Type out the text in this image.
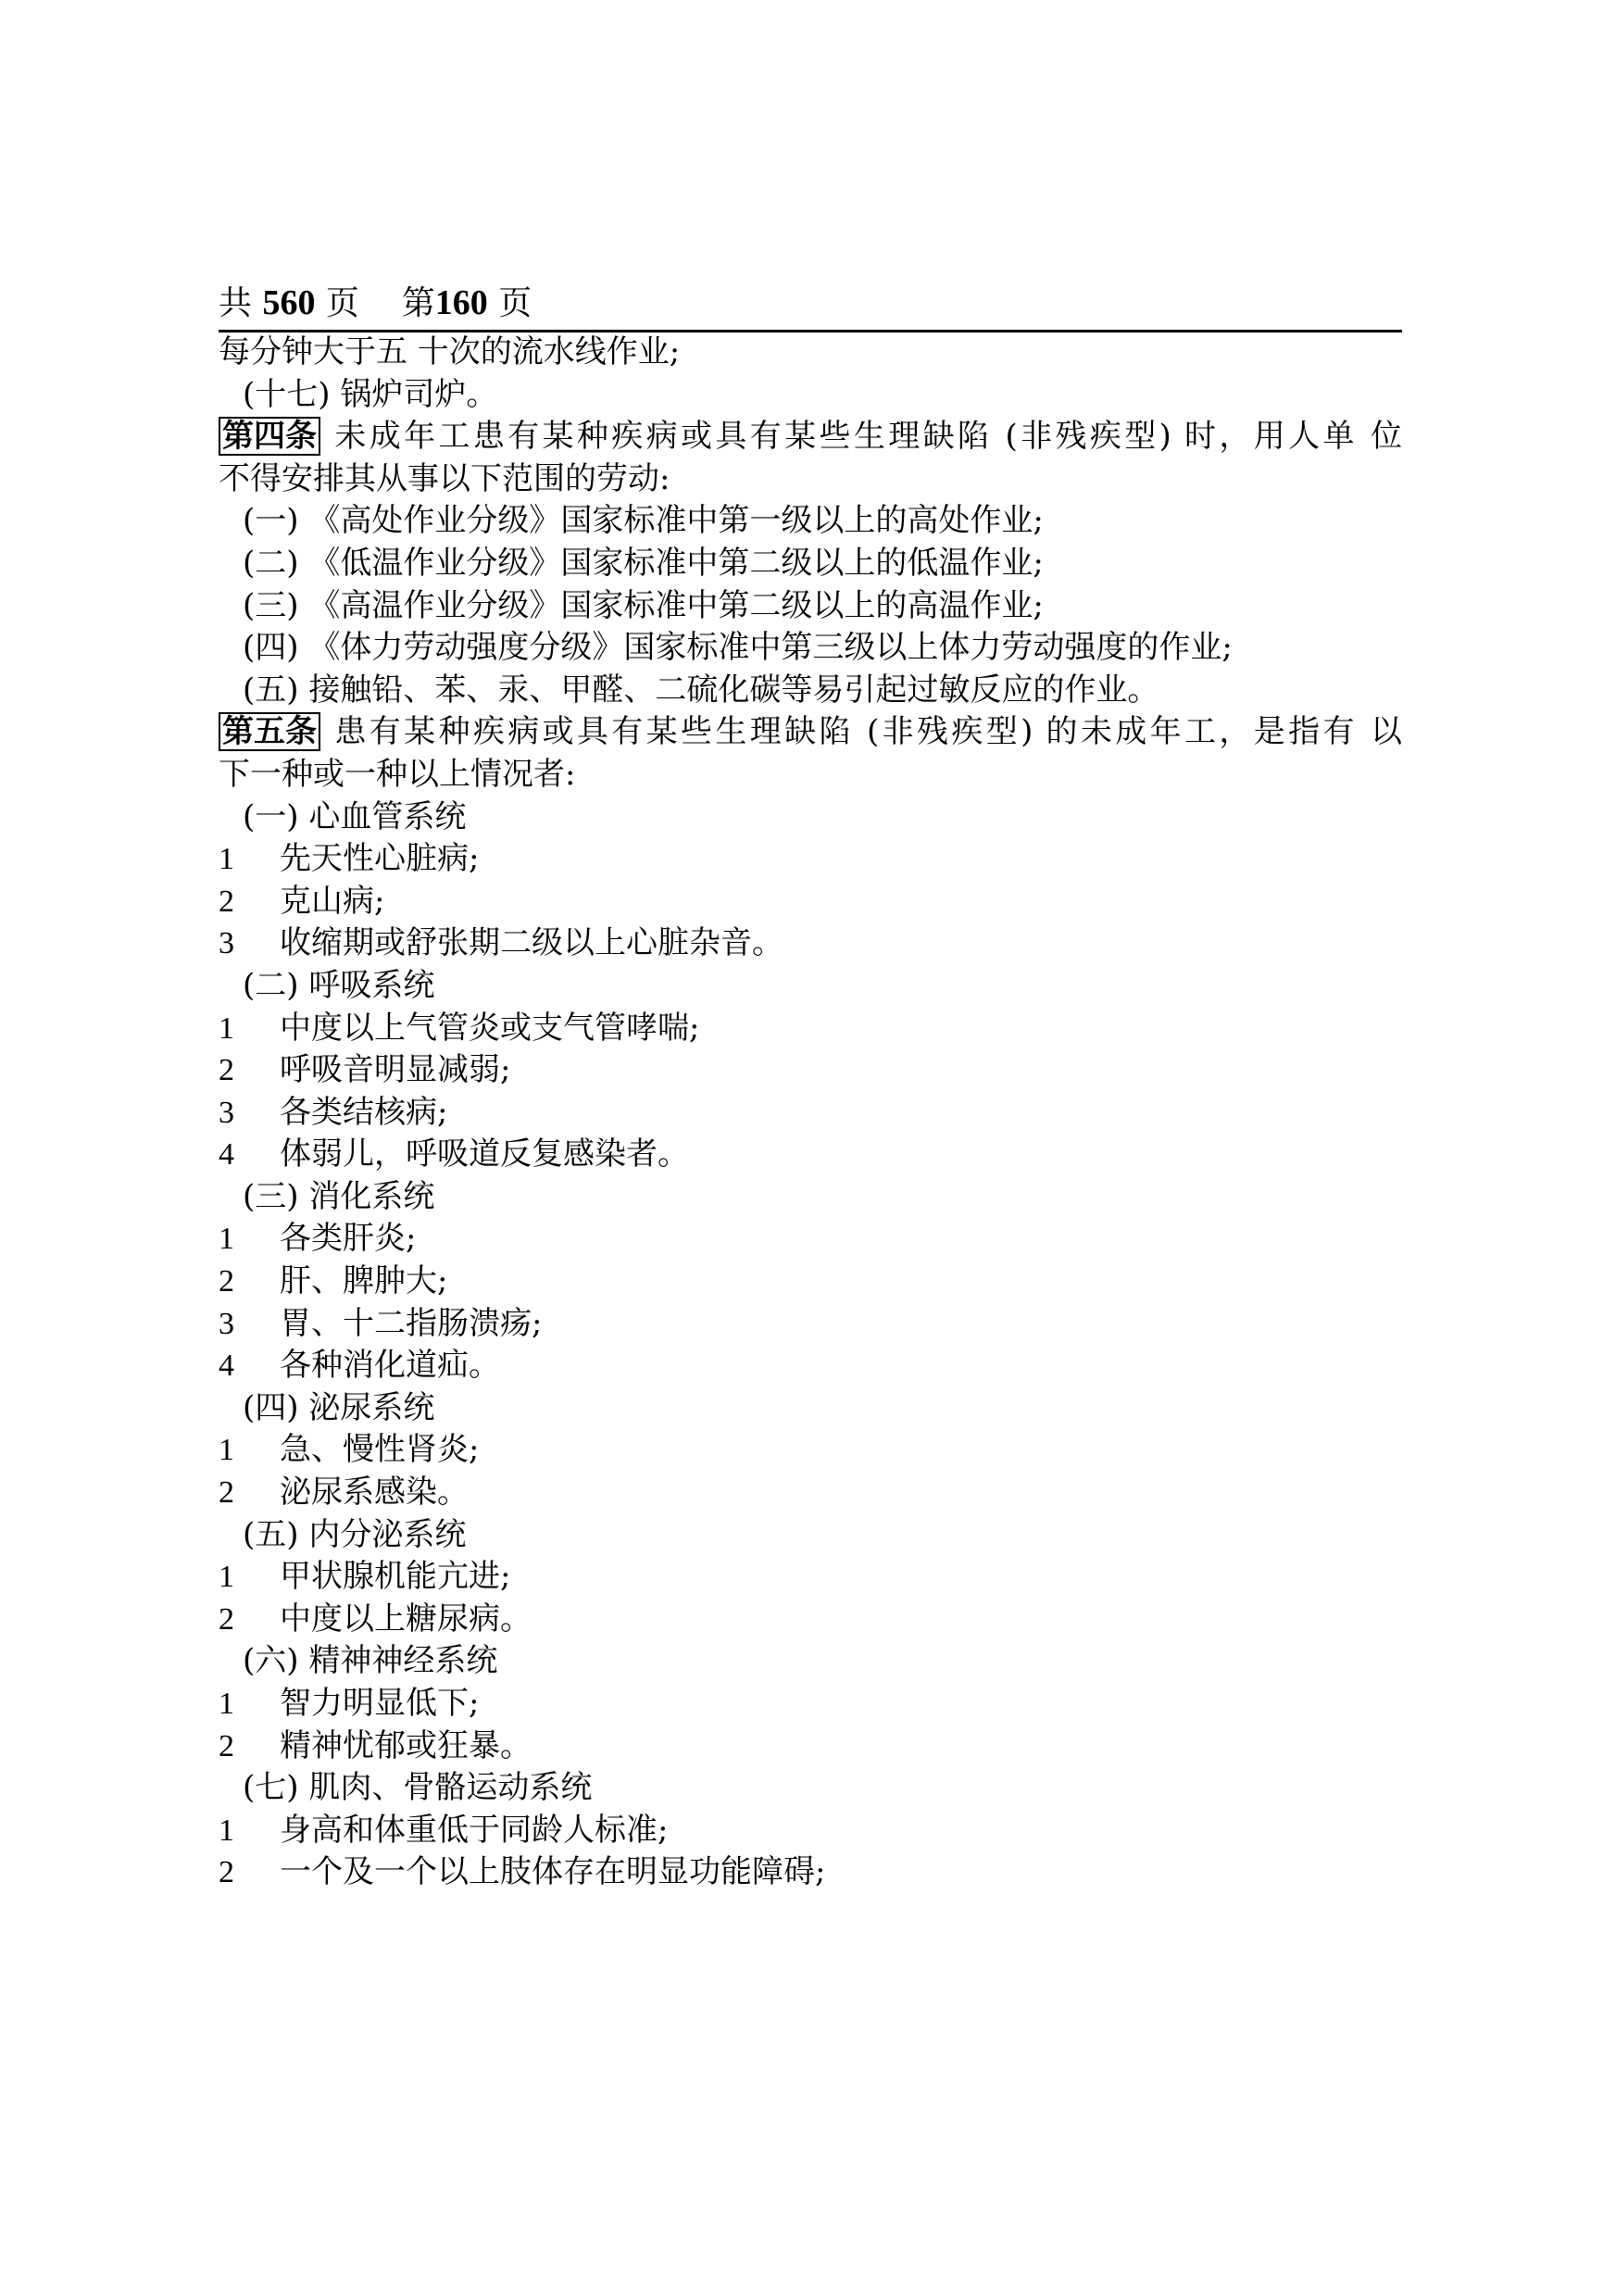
共 560 页 第160 页
每分钟大于五 十次的流水线作业;
(十七) 锅炉司炉。
第四条 未成年工患有某种疾病或具有某些生理缺陷 (非残疾型) 时，用人单 位
不得安排其从事以下范围的劳动:
(一) 《高处作业分级》国家标准中第一级以上的高处作业;
(二) 《低温作业分级》国家标准中第二级以上的低温作业;
(三) 《高温作业分级》国家标准中第二级以上的高温作业;
(四) 《体力劳动强度分级》国家标准中第三级以上体力劳动强度的作业;
(五) 接触铅、苯、汞、甲醛、二硫化碳等易引起过敏反应的作业。
第五条 患有某种疾病或具有某些生理缺陷 (非残疾型) 的未成年工，是指有 以
下一种或一种以上情况者:
(一) 心血管系统
1 先天性心脏病;
2 克山病;
3 收缩期或舒张期二级以上心脏杂音。
(二) 呼吸系统
1 中度以上气管炎或支气管哮喘;
2 呼吸音明显减弱;
3 各类结核病;
4 体弱儿，呼吸道反复感染者。
(三) 消化系统
1 各类肝炎;
2 肝、脾肿大;
3 胃、十二指肠溃疡;
4 各种消化道疝。
(四) 泌尿系统
1 急、慢性肾炎;
2 泌尿系感染。
(五) 内分泌系统
1 甲状腺机能亢进;
2 中度以上糖尿病。
(六) 精神神经系统
1 智力明显低下;
2 精神忧郁或狂暴。
(七) 肌肉、骨骼运动系统
1 身高和体重低于同龄人标准;
2 一个及一个以上肢体存在明显功能障碍;
